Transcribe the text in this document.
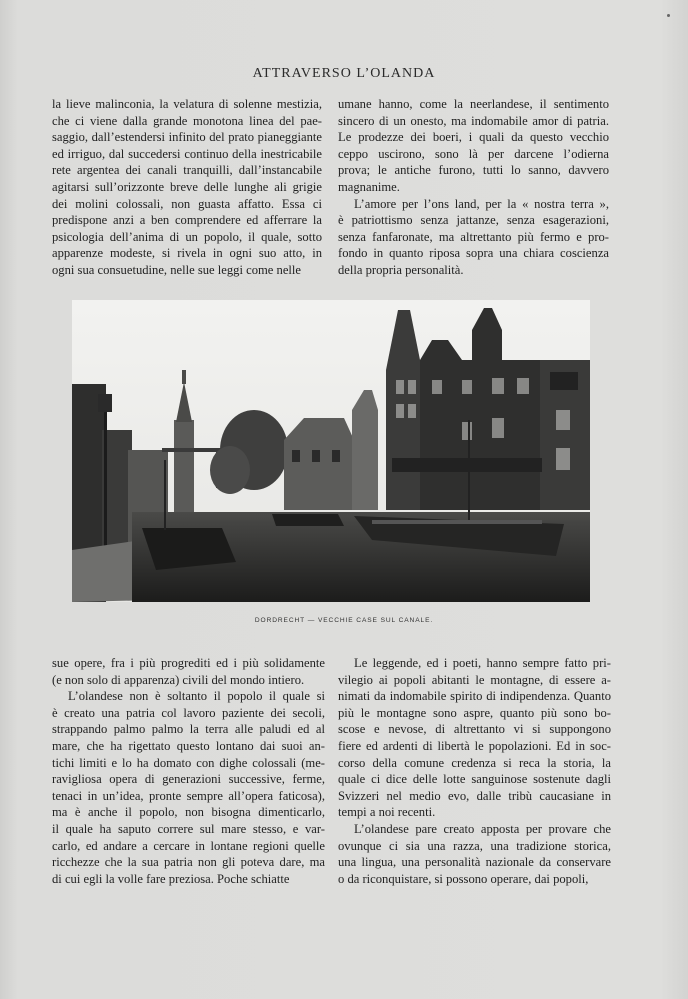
ATTRAVERSO L’OLANDA
la lieve malinconia, la velatura di solenne mestizia,
che ci viene dalla grande monotona linea del pae-
saggio, dall’estendersi infinito del prato pianeggiante
ed irriguo, dal succedersi continuo della inestricabile
rete argentea dei canali tranquilli, dall’instancabile
agitarsi sull’orizzonte breve delle lunghe ali grigie
dei molini colossali, non guasta affatto. Essa ci
predispone anzi a ben comprendere ed afferrare la
psicologia dell’anima di un popolo, il quale, sotto
apparenze modeste, si rivela in ogni suo atto, in
ogni sua consuetudine, nelle sue leggi come nelle
umane hanno, come la neerlandese, il sentimento
sincero di un onesto, ma indomabile amor di patria.
Le prodezze dei boeri, i quali da questo vecchio
ceppo uscirono, sono là per darcene l’odierna
prova; le antiche furono, tutti lo sanno, davvero
magnanime.
L’amore per l’ons land, per la « nostra terra »,
è patriottismo senza jattanze, senza esagerazioni,
senza fanfaronate, ma altrettanto più fermo e pro-
fondo in quanto riposa sopra una chiara coscienza
della propria personalità.
DORDRECHT — VECCHIE CASE SUL CANALE.
sue opere, fra i più progrediti ed i più solidamente
(e non solo di apparenza) civili del mondo intiero.
L’olandese non è soltanto il popolo il quale si
è creato una patria col lavoro paziente dei secoli,
strappando palmo palmo la terra alle paludi ed al
mare, che ha rigettato questo lontano dai suoi an-
tichi limiti e lo ha domato con dighe colossali (me-
ravigliosa opera di generazioni successive, ferme,
tenaci in un’idea, pronte sempre all’opera faticosa),
ma è anche il popolo, non bisogna dimenticarlo,
il quale ha saputo correre sul mare stesso, e var-
carlo, ed andare a cercare in lontane regioni quelle
ricchezze che la sua patria non gli poteva dare, ma
di cui egli la volle fare preziosa. Poche schiatte
Le leggende, ed i poeti, hanno sempre fatto pri-
vilegio ai popoli abitanti le montagne, di essere a-
nimati da indomabile spirito di indipendenza. Quanto
più le montagne sono aspre, quanto più sono bo-
scose e nevose, di altrettanto vi si suppongono
fiere ed ardenti di libertà le popolazioni. Ed in soc-
corso della comune credenza si reca la storia, la
quale ci dice delle lotte sanguinose sostenute dagli
Svizzeri nel medio evo, dalle tribù caucasiane in
tempi a noi recenti.
L’olandese pare creato apposta per provare che
ovunque ci sia una razza, una tradizione storica,
una lingua, una personalità nazionale da conservare
o da riconquistare, si possono operare, dai popoli,
